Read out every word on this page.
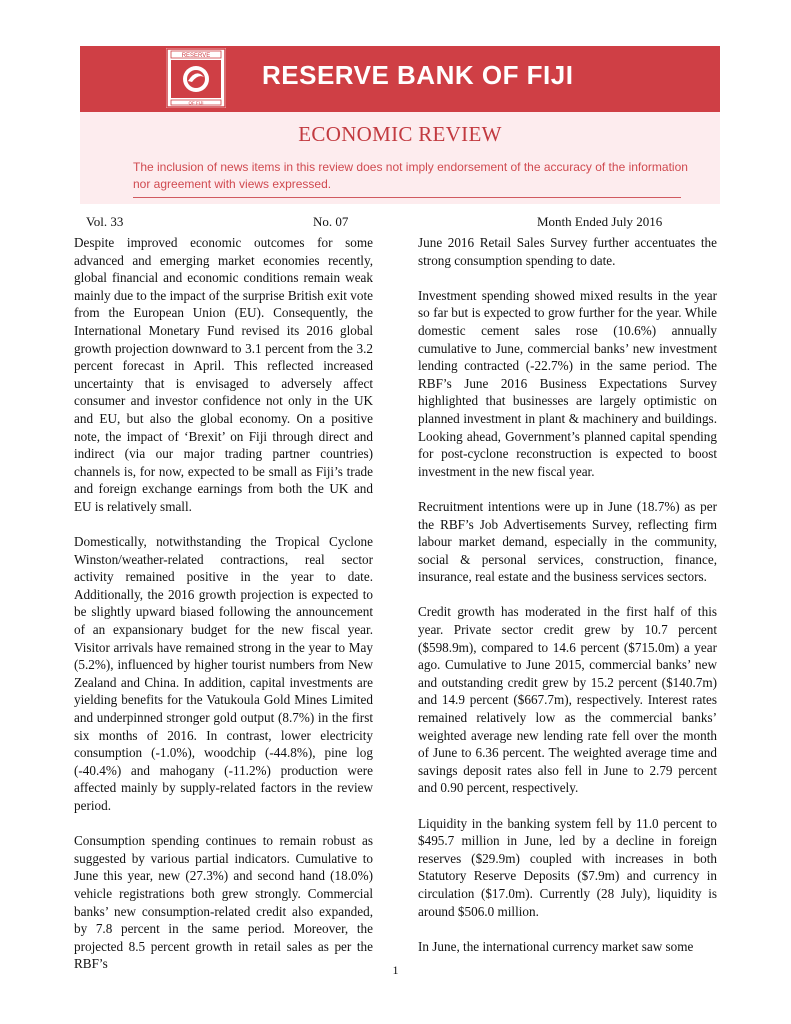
RESERVE
OF FIJI
RESERVE BANK OF FIJI
ECONOMIC REVIEW
The inclusion of news items in this review does not imply endorsement of the accuracy of the information nor agreement with views expressed.
Vol. 33	No. 07	Month Ended July 2016

Despite improved economic outcomes for some advanced and emerging market economies recently, global financial and economic conditions remain weak mainly due to the impact of the surprise British exit vote from the European Union (EU). Consequently, the International Monetary Fund revised its 2016 global growth projection downward to 3.1 percent from the 3.2 percent forecast in April. This reflected increased uncertainty that is envisaged to adversely affect consumer and investor confidence not only in the UK and EU, but also the global economy. On a positive note, the impact of ‘Brexit’ on Fiji through direct and indirect (via our major trading partner countries) channels is, for now, expected to be small as Fiji’s trade and foreign exchange earnings from both the UK and EU is relatively small.

Domestically, notwithstanding the Tropical Cyclone Winston/weather-related contractions, real sector activity remained positive in the year to date. Additionally, the 2016 growth projection is expected to be slightly upward biased following the announcement of an expansionary budget for the new fiscal year. Visitor arrivals have remained strong in the year to May (5.2%), influenced by higher tourist numbers from New Zealand and China. In addition, capital investments are yielding benefits for the Vatukoula Gold Mines Limited and underpinned stronger gold output (8.7%) in the first six months of 2016. In contrast, lower electricity consumption (-1.0%), woodchip (-44.8%), pine log (-40.4%) and mahogany (-11.2%) production were affected mainly by supply-related factors in the review period.

Consumption spending continues to remain robust as suggested by various partial indicators. Cumulative to June this year, new (27.3%) and second hand (18.0%) vehicle registrations both grew strongly. Commercial banks’ new consumption-related credit also expanded, by 7.8 percent in the same period. Moreover, the projected 8.5 percent growth in retail sales as per the RBF’s

June 2016 Retail Sales Survey further accentuates the strong consumption spending to date.

Investment spending showed mixed results in the year so far but is expected to grow further for the year. While domestic cement sales rose (10.6%) annually cumulative to June, commercial banks’ new investment lending contracted (-22.7%) in the same period. The RBF’s June 2016 Business Expectations Survey highlighted that businesses are largely optimistic on planned investment in plant & machinery and buildings. Looking ahead, Government’s planned capital spending for post-cyclone reconstruction is expected to boost investment in the new fiscal year.

Recruitment intentions were up in June (18.7%) as per the RBF’s Job Advertisements Survey, reflecting firm labour market demand, especially in the community, social & personal services, construction, finance, insurance, real estate and the business services sectors.

Credit growth has moderated in the first half of this year. Private sector credit grew by 10.7 percent ($598.9m), compared to 14.6 percent ($715.0m) a year ago. Cumulative to June 2015, commercial banks’ new and outstanding credit grew by 15.2 percent ($140.7m) and 14.9 percent ($667.7m), respectively. Interest rates remained relatively low as the commercial banks’ weighted average new lending rate fell over the month of June to 6.36 percent. The weighted average time and savings deposit rates also fell in June to 2.79 percent and 0.90 percent, respectively.

Liquidity in the banking system fell by 11.0 percent to $495.7 million in June, led by a decline in foreign reserves ($29.9m) coupled with increases in both Statutory Reserve Deposits ($7.9m) and currency in circulation ($17.0m). Currently (28 July), liquidity is around $506.0 million.

In June, the international currency market saw some

1
